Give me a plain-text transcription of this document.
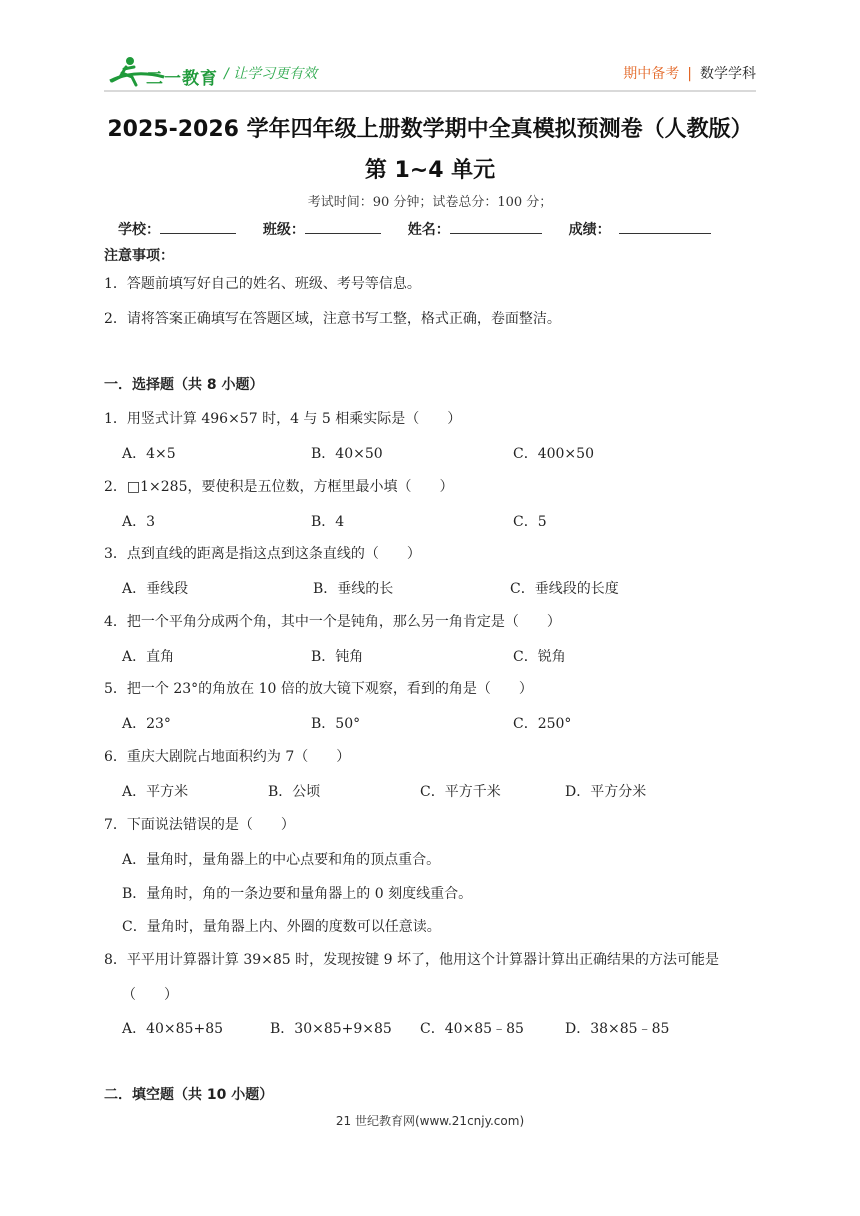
二一教育 / 让学习更有效	期中备考 | 数学学科
2025-2026 学年四年级上册数学期中全真模拟预测卷（人教版）
第 1~4 单元
考试时间：90 分钟；试卷总分：100 分；
学校：	班级：	姓名：	成绩：
注意事项：
1．答题前填写好自己的姓名、班级、考号等信息。
2．请将答案正确填写在答题区域，注意书写工整，格式正确，卷面整洁。
一．选择题（共 8 小题）
1．用竖式计算 496×57 时，4 与 5 相乘实际是（　　）
A．4×5	B．40×50	C．400×50
2．□1×285，要使积是五位数，方框里最小填（　　）
A．3	B．4	C．5
3．点到直线的距离是指这点到这条直线的（　　）
A．垂线段	B．垂线的长	C．垂线段的长度
4．把一个平角分成两个角，其中一个是钝角，那么另一角肯定是（　　）
A．直角	B．钝角	C．锐角
5．把一个 23°的角放在 10 倍的放大镜下观察，看到的角是（　　）
A．23°	B．50°	C．250°
6．重庆大剧院占地面积约为 7（　　）
A．平方米	B．公顷	C．平方千米	D．平方分米
7．下面说法错误的是（　　）
A．量角时，量角器上的中心点要和角的顶点重合。
B．量角时，角的一条边要和量角器上的 0 刻度线重合。
C．量角时，量角器上内、外圈的度数可以任意读。
8．平平用计算器计算 39×85 时，发现按键 9 坏了，他用这个计算器计算出正确结果的方法可能是
（　　）
A．40×85+85	B．30×85+9×85 C．40×85﹣85	D．38×85﹣85
二．填空题（共 10 小题）
21 世纪教育网(www.21cnjy.com)
